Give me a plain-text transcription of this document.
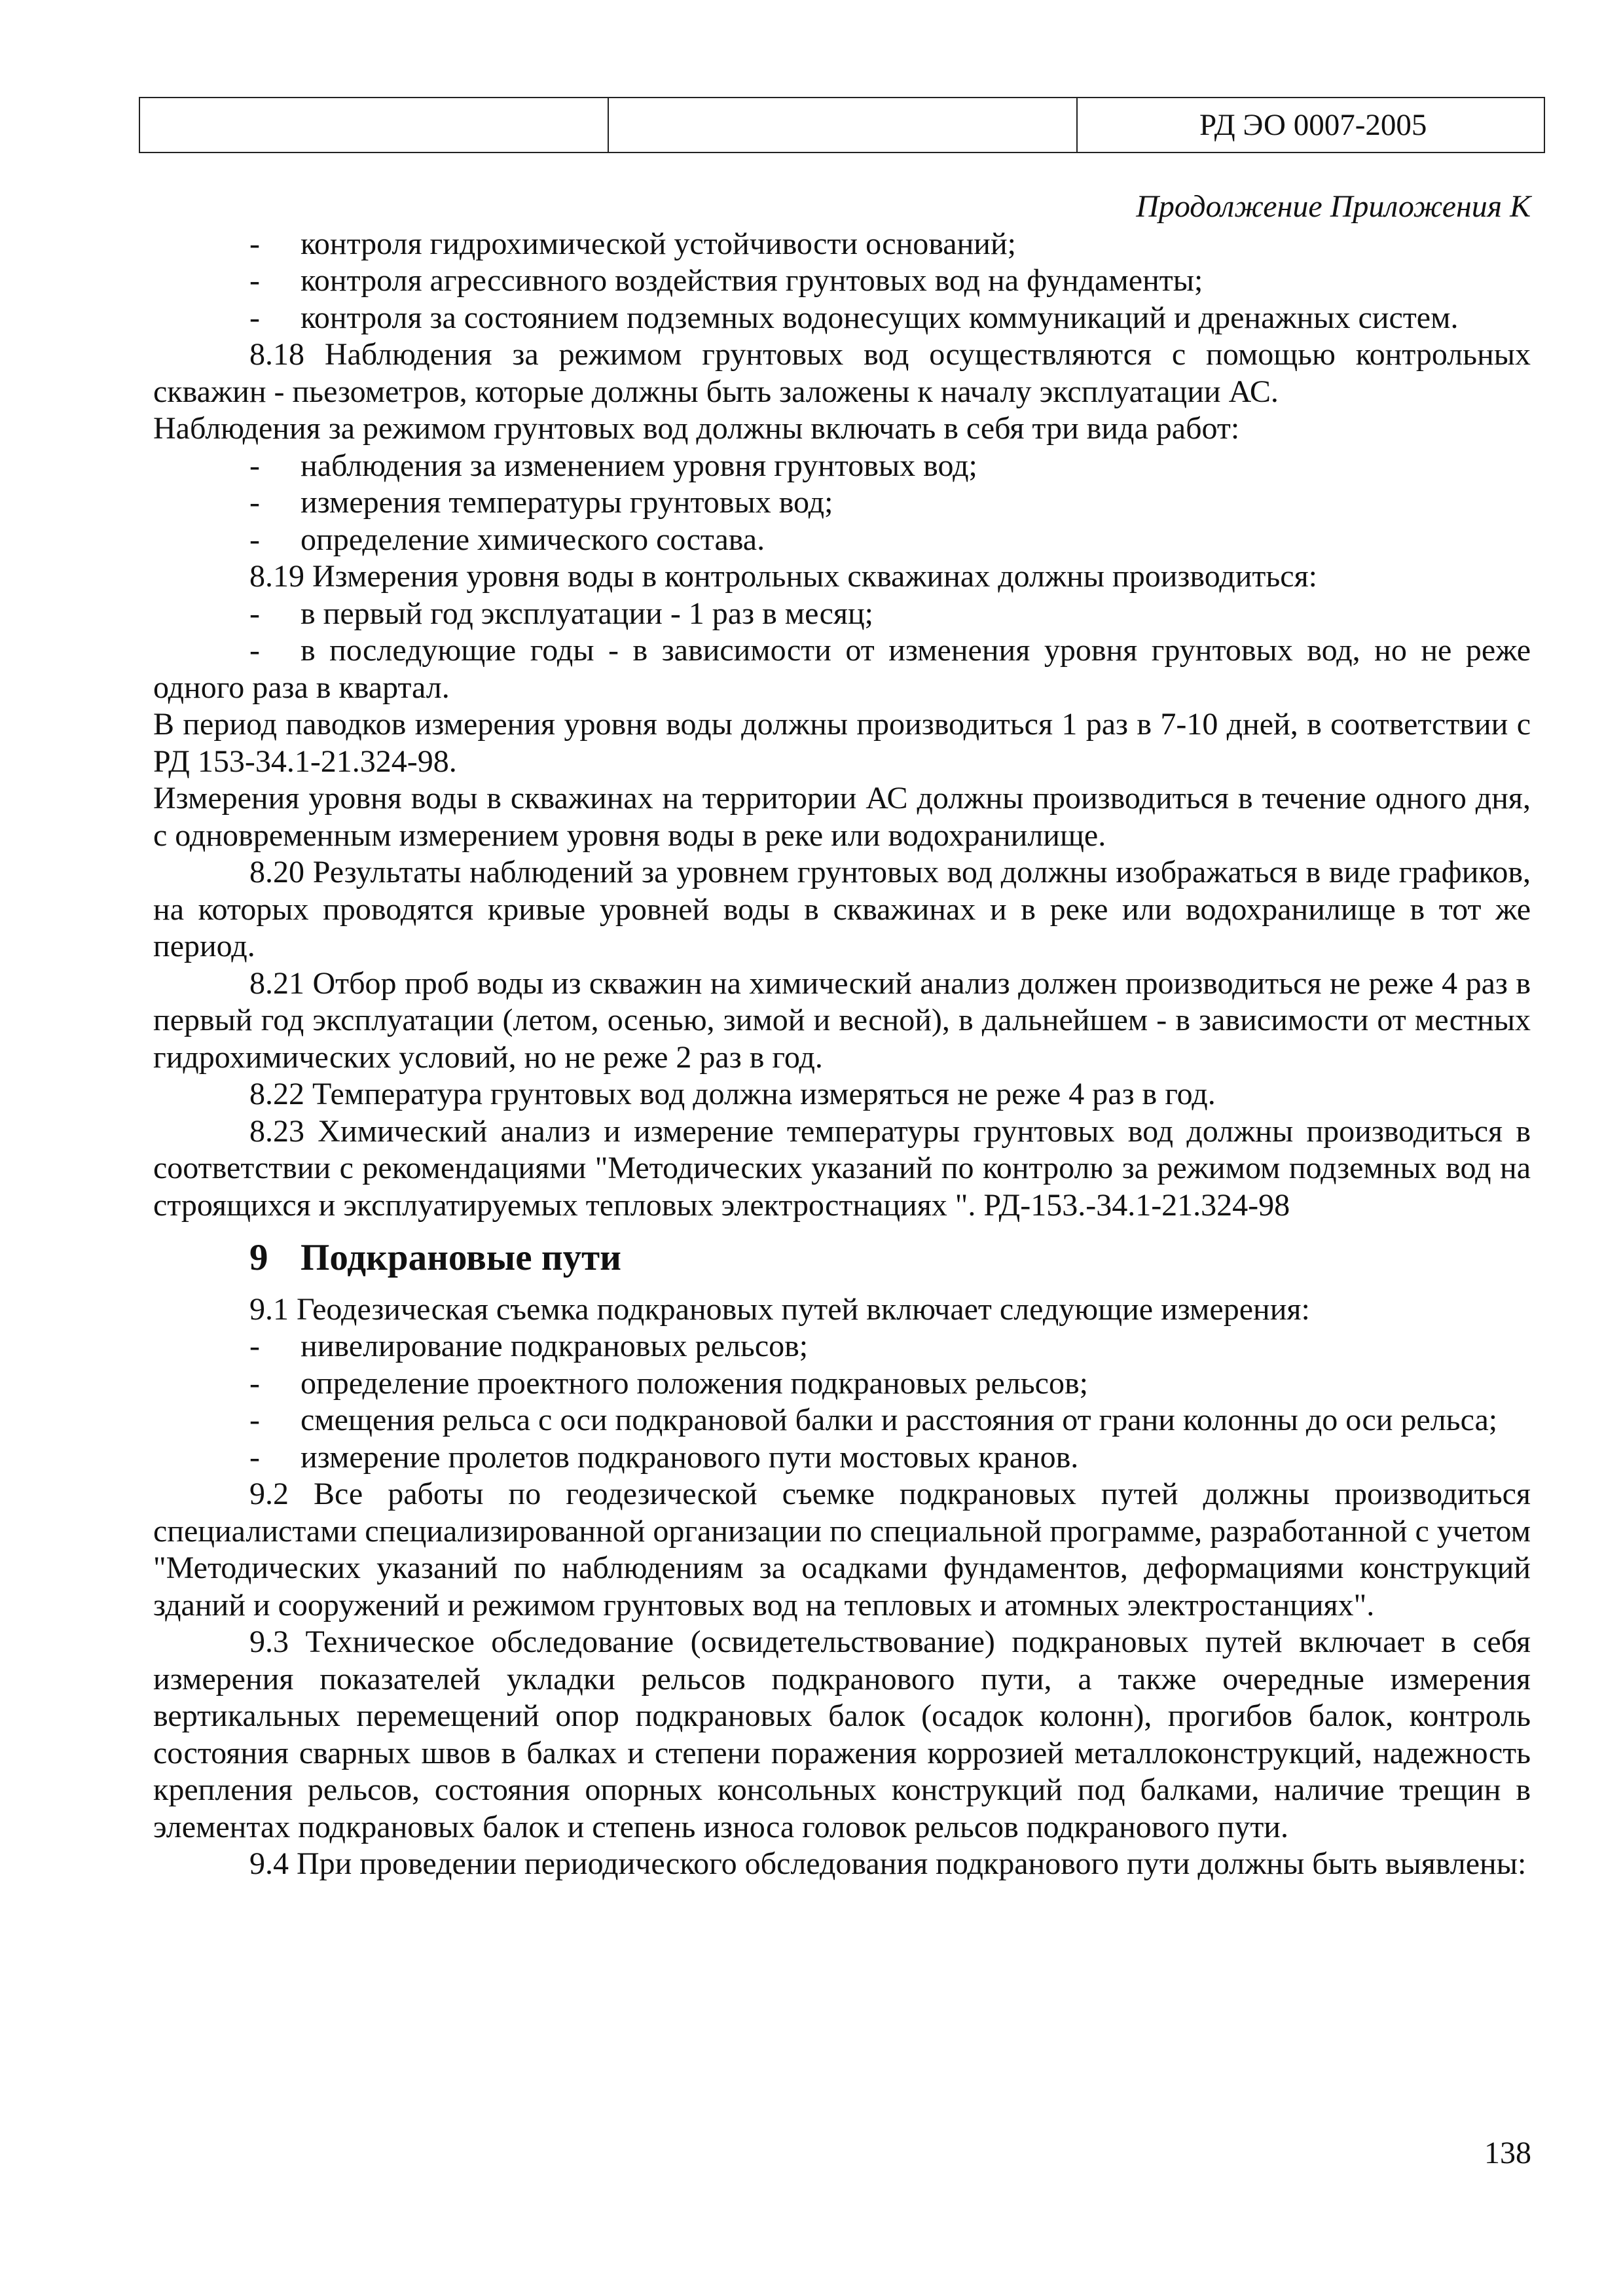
РД ЭО 0007-2005

Продолжение Приложения К

-	контроля гидрохимической устойчивости оснований;
-	контроля агрессивного воздействия грунтовых вод на фундаменты;
-	контроля за состоянием подземных водонесущих коммуникаций и дренажных систем.

8.18 Наблюдения за режимом грунтовых вод осуществляются с помощью контрольных скважин - пьезометров, которые должны быть заложены к началу эксплуатации АС.

Наблюдения за режимом грунтовых вод должны включать в себя три вида работ:

-	наблюдения за изменением уровня грунтовых вод;
-	измерения температуры грунтовых вод;
-	определение химического состава.

8.19 Измерения уровня воды в контрольных скважинах должны производиться:

-	в первый год эксплуатации - 1 раз в месяц;

- в последующие годы - в зависимости от изменения уровня грунтовых вод, но не реже одного раза в квартал.

В период паводков измерения уровня воды должны производиться 1 раз в 7-10 дней, в соответствии с РД 153-34.1-21.324-98.

Измерения уровня воды в скважинах на территории АС должны производиться в течение одного дня, с одновременным измерением уровня воды в реке или водохранилище.

8.20 Результаты наблюдений за уровнем грунтовых вод должны изображаться в виде графиков, на которых проводятся кривые уровней воды в скважинах и в реке или водохранилище в тот же период.

8.21 Отбор проб воды из скважин на химический анализ должен производиться не реже 4 раз в первый год эксплуатации (летом, осенью, зимой и весной), в дальнейшем - в зависимости от местных гидрохимических условий, но не реже 2 раз в год.

8.22 Температура грунтовых вод должна измеряться не реже 4 раз в год.

8.23 Химический анализ и измерение температуры грунтовых вод должны производиться в соответствии с рекомендациями "Методических указаний по контролю за режимом подземных вод на строящихся и эксплуатируемых тепловых электростнациях ". РД-153.-34.1-21.324-98

9 Подкрановые пути

9.1 Геодезическая съемка подкрановых путей включает следующие измерения:

-	нивелирование подкрановых рельсов;
-	определение проектного положения подкрановых рельсов;

- смещения рельса с оси подкрановой балки и расстояния от грани колонны до оси рельса;

-	измерение пролетов подкранового пути мостовых кранов.

9.2 Все работы по геодезической съемке подкрановых путей должны производиться специалистами специализированной организации по специальной программе, разработанной с учетом "Методических указаний по наблюдениям за осадками фундаментов, деформациями конструкций зданий и сооружений и режимом грунтовых вод на тепловых и атомных электростанциях".

9.3 Техническое обследование (освидетельствование) подкрановых путей включает в себя измерения показателей укладки рельсов подкранового пути, а также очередные измерения вертикальных перемещений опор подкрановых балок (осадок колонн), прогибов балок, контроль состояния сварных швов в балках и степени поражения коррозией металлоконструкций, надежность крепления рельсов, состояния опорных консольных конструкций под балками, наличие трещин в элементах подкрановых балок и степень износа головок рельсов подкранового пути.

9.4 При проведении периодического обследования подкранового пути должны быть выявлены:

138
